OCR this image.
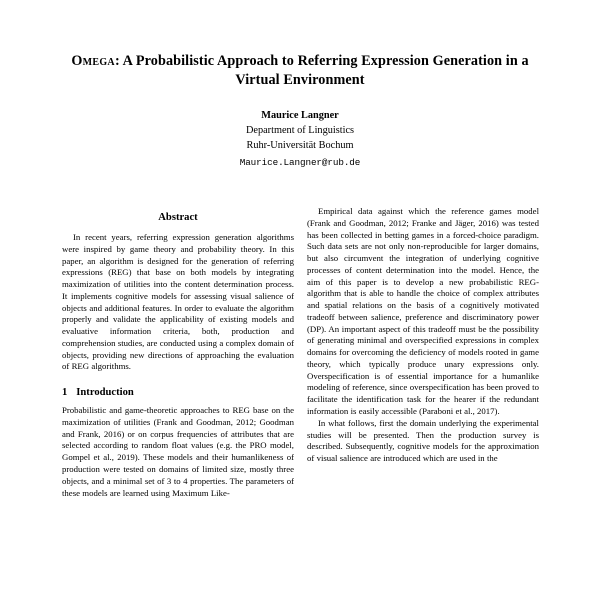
Omega: A Probabilistic Approach to Referring Expression Generation in a Virtual Environment

Maurice Langner

Department of Linguistics

Ruhr-Universität Bochum

Maurice.Langner@rub.de

Abstract

In recent years, referring expression generation algorithms were inspired by game theory and probability theory. In this paper, an algorithm is designed for the generation of referring expressions (REG) that base on both models by integrating maximization of utilities into the content determination process. It implements cognitive models for assessing visual salience of objects and additional features. In order to evaluate the algorithm properly and validate the applicability of existing models and evaluative information criteria, both, production and comprehension studies, are conducted using a complex domain of objects, providing new directions of approaching the evaluation of REG algorithms.

1 Introduction

Probabilistic and game-theoretic approaches to REG base on the maximization of utilities (Frank and Goodman, 2012; Goodman and Frank, 2016) or on corpus frequencies of attributes that are selected according to random float values (e.g. the PRO model, Gompel et al., 2019). These models and their humanlikeness of production were tested on domains of limited size, mostly three objects, and a minimal set of 3 to 4 properties. The parameters of these models are learned using Maximum Like-

Empirical data against which the reference games model (Frank and Goodman, 2012; Franke and Jäger, 2016) was tested has been collected in betting games in a forced-choice paradigm. Such data sets are not only non-reproducible for larger domains, but also circumvent the integration of underlying cognitive processes of content determination into the model. Hence, the aim of this paper is to develop a new probabilistic REG-algorithm that is able to handle the choice of complex attributes and spatial relations on the basis of a cognitively motivated tradeoff between salience, preference and discriminatory power (DP). An important aspect of this tradeoff must be the possibility of generating minimal and overspecified expressions in complex domains for overcoming the deficiency of models rooted in game theory, which typically produce unary expressions only. Overspecification is of essential importance for a humanlike modeling of reference, since overspecification has been proved to facilitate the identification task for the hearer if the redundant information is easily accessible (Paraboni et al., 2017).

In what follows, first the domain underlying the experimental studies will be presented. Then the production survey is described. Subsequently, cognitive models for the approximation of visual salience are introduced which are used in the
